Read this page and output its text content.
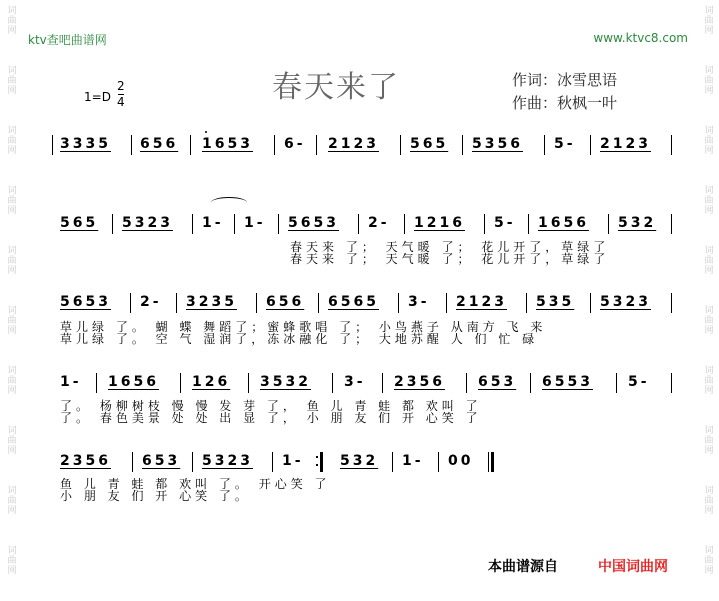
词
曲
网
词
曲
网
词
曲
网
词
曲
网
词
曲
网
词
曲
网
词
曲
网
词
曲
网
词
曲
网
词
曲
网
词
曲
网
词
曲
网
词
曲
网
词
曲
网
词
曲
网
词
曲
网
词
曲
网
词
曲
网
词
曲
网
词
曲
网
ktv查吧曲谱网	www.ktvc8.com
春天来了	作词：冰雪思语
作曲：秋枫一叶
1=D
2
4
3335 656 1653 6- 2123 565 5356 5- 2123
565 5323 1- 1- 5653 2- 1216 5- 1656 532
春天来 了； 天气暖 了； 花儿开了，草绿了
春天来 了； 天气暖 了； 花儿开了，草绿了
5653 2- 3235 656 6565 3- 2123 535 5323
草儿绿 了。 蝴 蝶 舞蹈了；蜜蜂歌唱 了； 小鸟燕子 从南方 飞 来
草儿绿 了。 空 气 湿润了，冻冰融化 了； 大地苏醒 人 们 忙 碌
1- 1656 126 3532 3- 2356 653 6553	5-
了。 杨柳树枝 慢 慢 发 芽 了， 鱼 儿 青 蛙 都 欢叫 了
了。 春色美景 处 处 出 显 了， 小 朋 友 们 开 心笑 了
2356 653 5323 1-	532 1- 00
鱼 儿 青 蛙 都 欢叫 了。 开心笑 了
小 朋 友 们 开 心笑 了。
本曲谱源自	中国词曲网
